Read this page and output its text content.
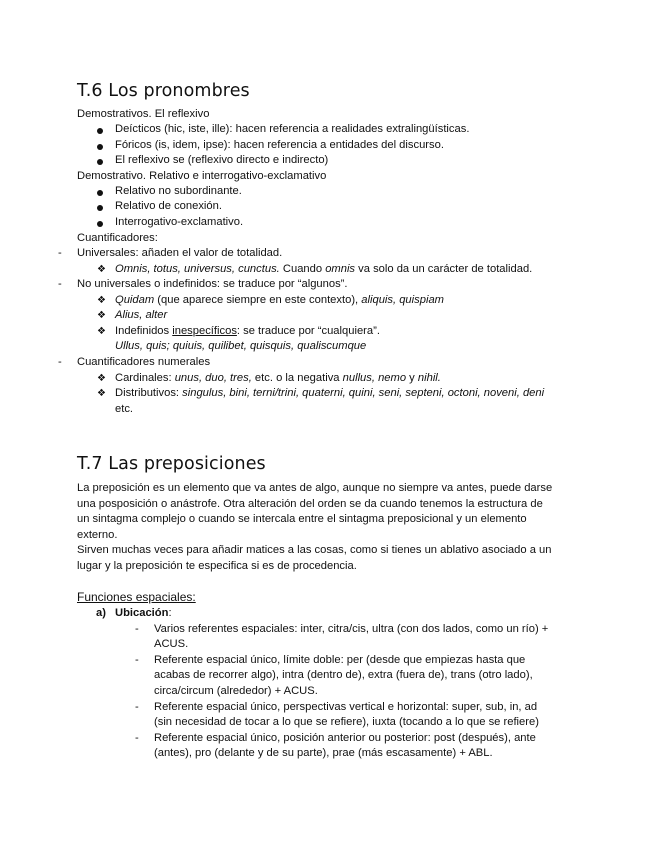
T.6 Los pronombres
Demostrativos. El reflexivo
Deícticos (hic, iste, ille): hacen referencia a realidades extralingüísticas.
Fóricos (is, idem, ipse): hacen referencia a entidades del discurso.
El reflexivo se (reflexivo directo e indirecto)
Demostrativo. Relativo e interrogativo-exclamativo
Relativo no subordinante.
Relativo de conexión.
Interrogativo-exclamativo.
Cuantificadores:
- Universales: añaden el valor de totalidad.
❖ Omnis, totus, universus, cunctus. Cuando omnis va solo da un carácter de totalidad.
- No universales o indefinidos: se traduce por “algunos”.
❖ Quidam (que aparece siempre en este contexto), aliquis, quispiam
❖ Alius, alter
❖ Indefinidos inespecíficos: se traduce por “cualquiera”.
Ullus, quis; quiuis, quilibet, quisquis, qualiscumque
- Cuantificadores numerales
❖ Cardinales: unus, duo, tres, etc. o la negativa nullus, nemo y nihil.
❖ Distributivos: singulus, bini, terni/trini, quaterni, quini, seni, septeni, octoni, noveni, deni
etc.
T.7 Las preposiciones
La preposición es un elemento que va antes de algo, aunque no siempre va antes, puede darse
una posposición o anástrofe. Otra alteración del orden se da cuando tenemos la estructura de
un sintagma complejo o cuando se intercala entre el sintagma preposicional y un elemento
externo.
Sirven muchas veces para añadir matices a las cosas, como si tienes un ablativo asociado a un
lugar y la preposición te especifica si es de procedencia.
Funciones espaciales:
a) Ubicación:
- Varios referentes espaciales: inter, citra/cis, ultra (con dos lados, como un río) +
ACUS.
- Referente espacial único, límite doble: per (desde que empiezas hasta que
acabas de recorrer algo), intra (dentro de), extra (fuera de), trans (otro lado),
circa/circum (alrededor) + ACUS.
- Referente espacial único, perspectivas vertical e horizontal: super, sub, in, ad
(sin necesidad de tocar a lo que se refiere), iuxta (tocando a lo que se refiere)
- Referente espacial único, posición anterior ou posterior: post (después), ante
(antes), pro (delante y de su parte), prae (más escasamente) + ABL.
